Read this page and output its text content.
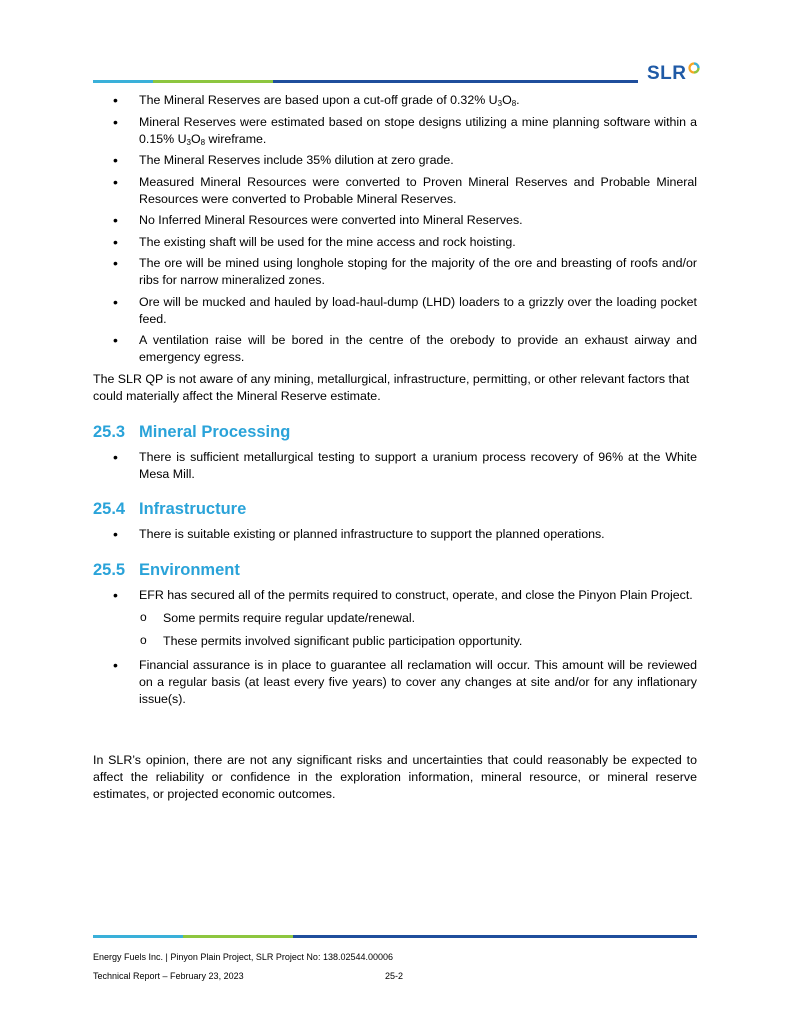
SLR
• The Mineral Reserves are based upon a cut-off grade of 0.32% $U_3O_8$.
• Mineral Reserves were estimated based on stope designs utilizing a mine planning software within a 0.15% $U_3O_8$ wireframe.
• The Mineral Reserves include 35% dilution at zero grade.
• Measured Mineral Resources were converted to Proven Mineral Reserves and Probable Mineral Resources were converted to Probable Mineral Reserves.
• No Inferred Mineral Resources were converted into Mineral Reserves.
• The existing shaft will be used for the mine access and rock hoisting.
• The ore will be mined using longhole stoping for the majority of the ore and breasting of roofs and/or ribs for narrow mineralized zones.
• Ore will be mucked and hauled by load-haul-dump (LHD) loaders to a grizzly over the loading pocket feed.
• A ventilation raise will be bored in the centre of the orebody to provide an exhaust airway and emergency egress.

The SLR QP is not aware of any mining, metallurgical, infrastructure, permitting, or other relevant factors that could materially affect the Mineral Reserve estimate.

25.3 Mineral Processing
• There is sufficient metallurgical testing to support a uranium process recovery of 96% at the White Mesa Mill.
25.4 Infrastructure
• There is suitable existing or planned infrastructure to support the planned operations.
25.5 Environment
• EFR has secured all of the permits required to construct, operate, and close the Pinyon Plain Project.
o Some permits require regular update/renewal.
o These permits involved significant public participation opportunity.
• Financial assurance is in place to guarantee all reclamation will occur. This amount will be reviewed on a regular basis (at least every five years) to cover any changes at site and/or for any inflationary issue(s).

In SLR’s opinion, there are not any significant risks and uncertainties that could reasonably be expected to affect the reliability or confidence in the exploration information, mineral resource, or mineral reserve estimates, or projected economic outcomes.

Energy Fuels Inc. | Pinyon Plain Project, SLR Project No: 138.02544.00006
Technical Report – February 23, 2023	25-2
